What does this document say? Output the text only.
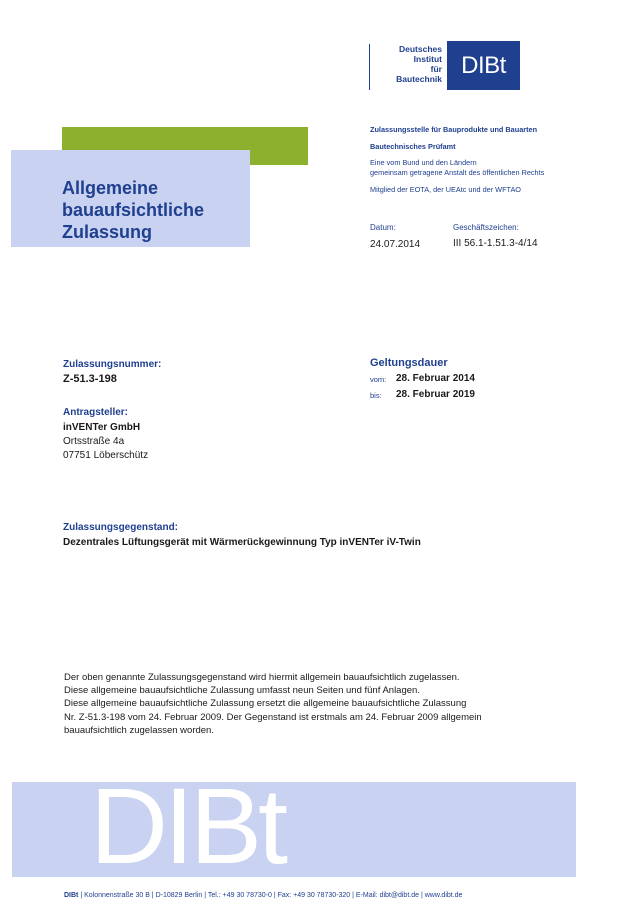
Deutsches
Institut
für
Bautechnik DIBt
Zulassungsstelle für Bauprodukte und Bauarten
Bautechnisches Prüfamt
Eine vom Bund und den Ländern
gemeinsam getragene Anstalt des öffentlichen Rechts
Mitglied der EOTA, der UEAtc und der WFTAO
Allgemeine
bauaufsichtliche
Zulassung	Datum:
24.07.2014
Geschäftszeichen:
III 56.1-1.51.3-4/14
Zulassungsnummer:
Z-51.3-198
Geltungsdauer
vom: 28. Februar 2014
bis: 28. Februar 2019
Antragsteller:
inVENTer GmbH
Ortsstraße 4a
07751 Löberschütz
Zulassungsgegenstand:
Dezentrales Lüftungsgerät mit Wärmerückgewinnung Typ inVENTer iV-Twin
Der oben genannte Zulassungsgegenstand wird hiermit allgemein bauaufsichtlich zugelassen.
Diese allgemeine bauaufsichtliche Zulassung umfasst neun Seiten und fünf Anlagen.
Diese allgemeine bauaufsichtliche Zulassung ersetzt die allgemeine bauaufsichtliche Zulassung
Nr. Z-51.3-198 vom 24. Februar 2009. Der Gegenstand ist erstmals am 24. Februar 2009 allgemein
bauaufsichtlich zugelassen worden.
DIBt
DIBt | Kolonnenstraße 30 B | D-10829 Berlin | Tel.: +49 30 78730-0 | Fax: +49 30 78730-320 | E-Mail: dibt@dibt.de | www.dibt.de
